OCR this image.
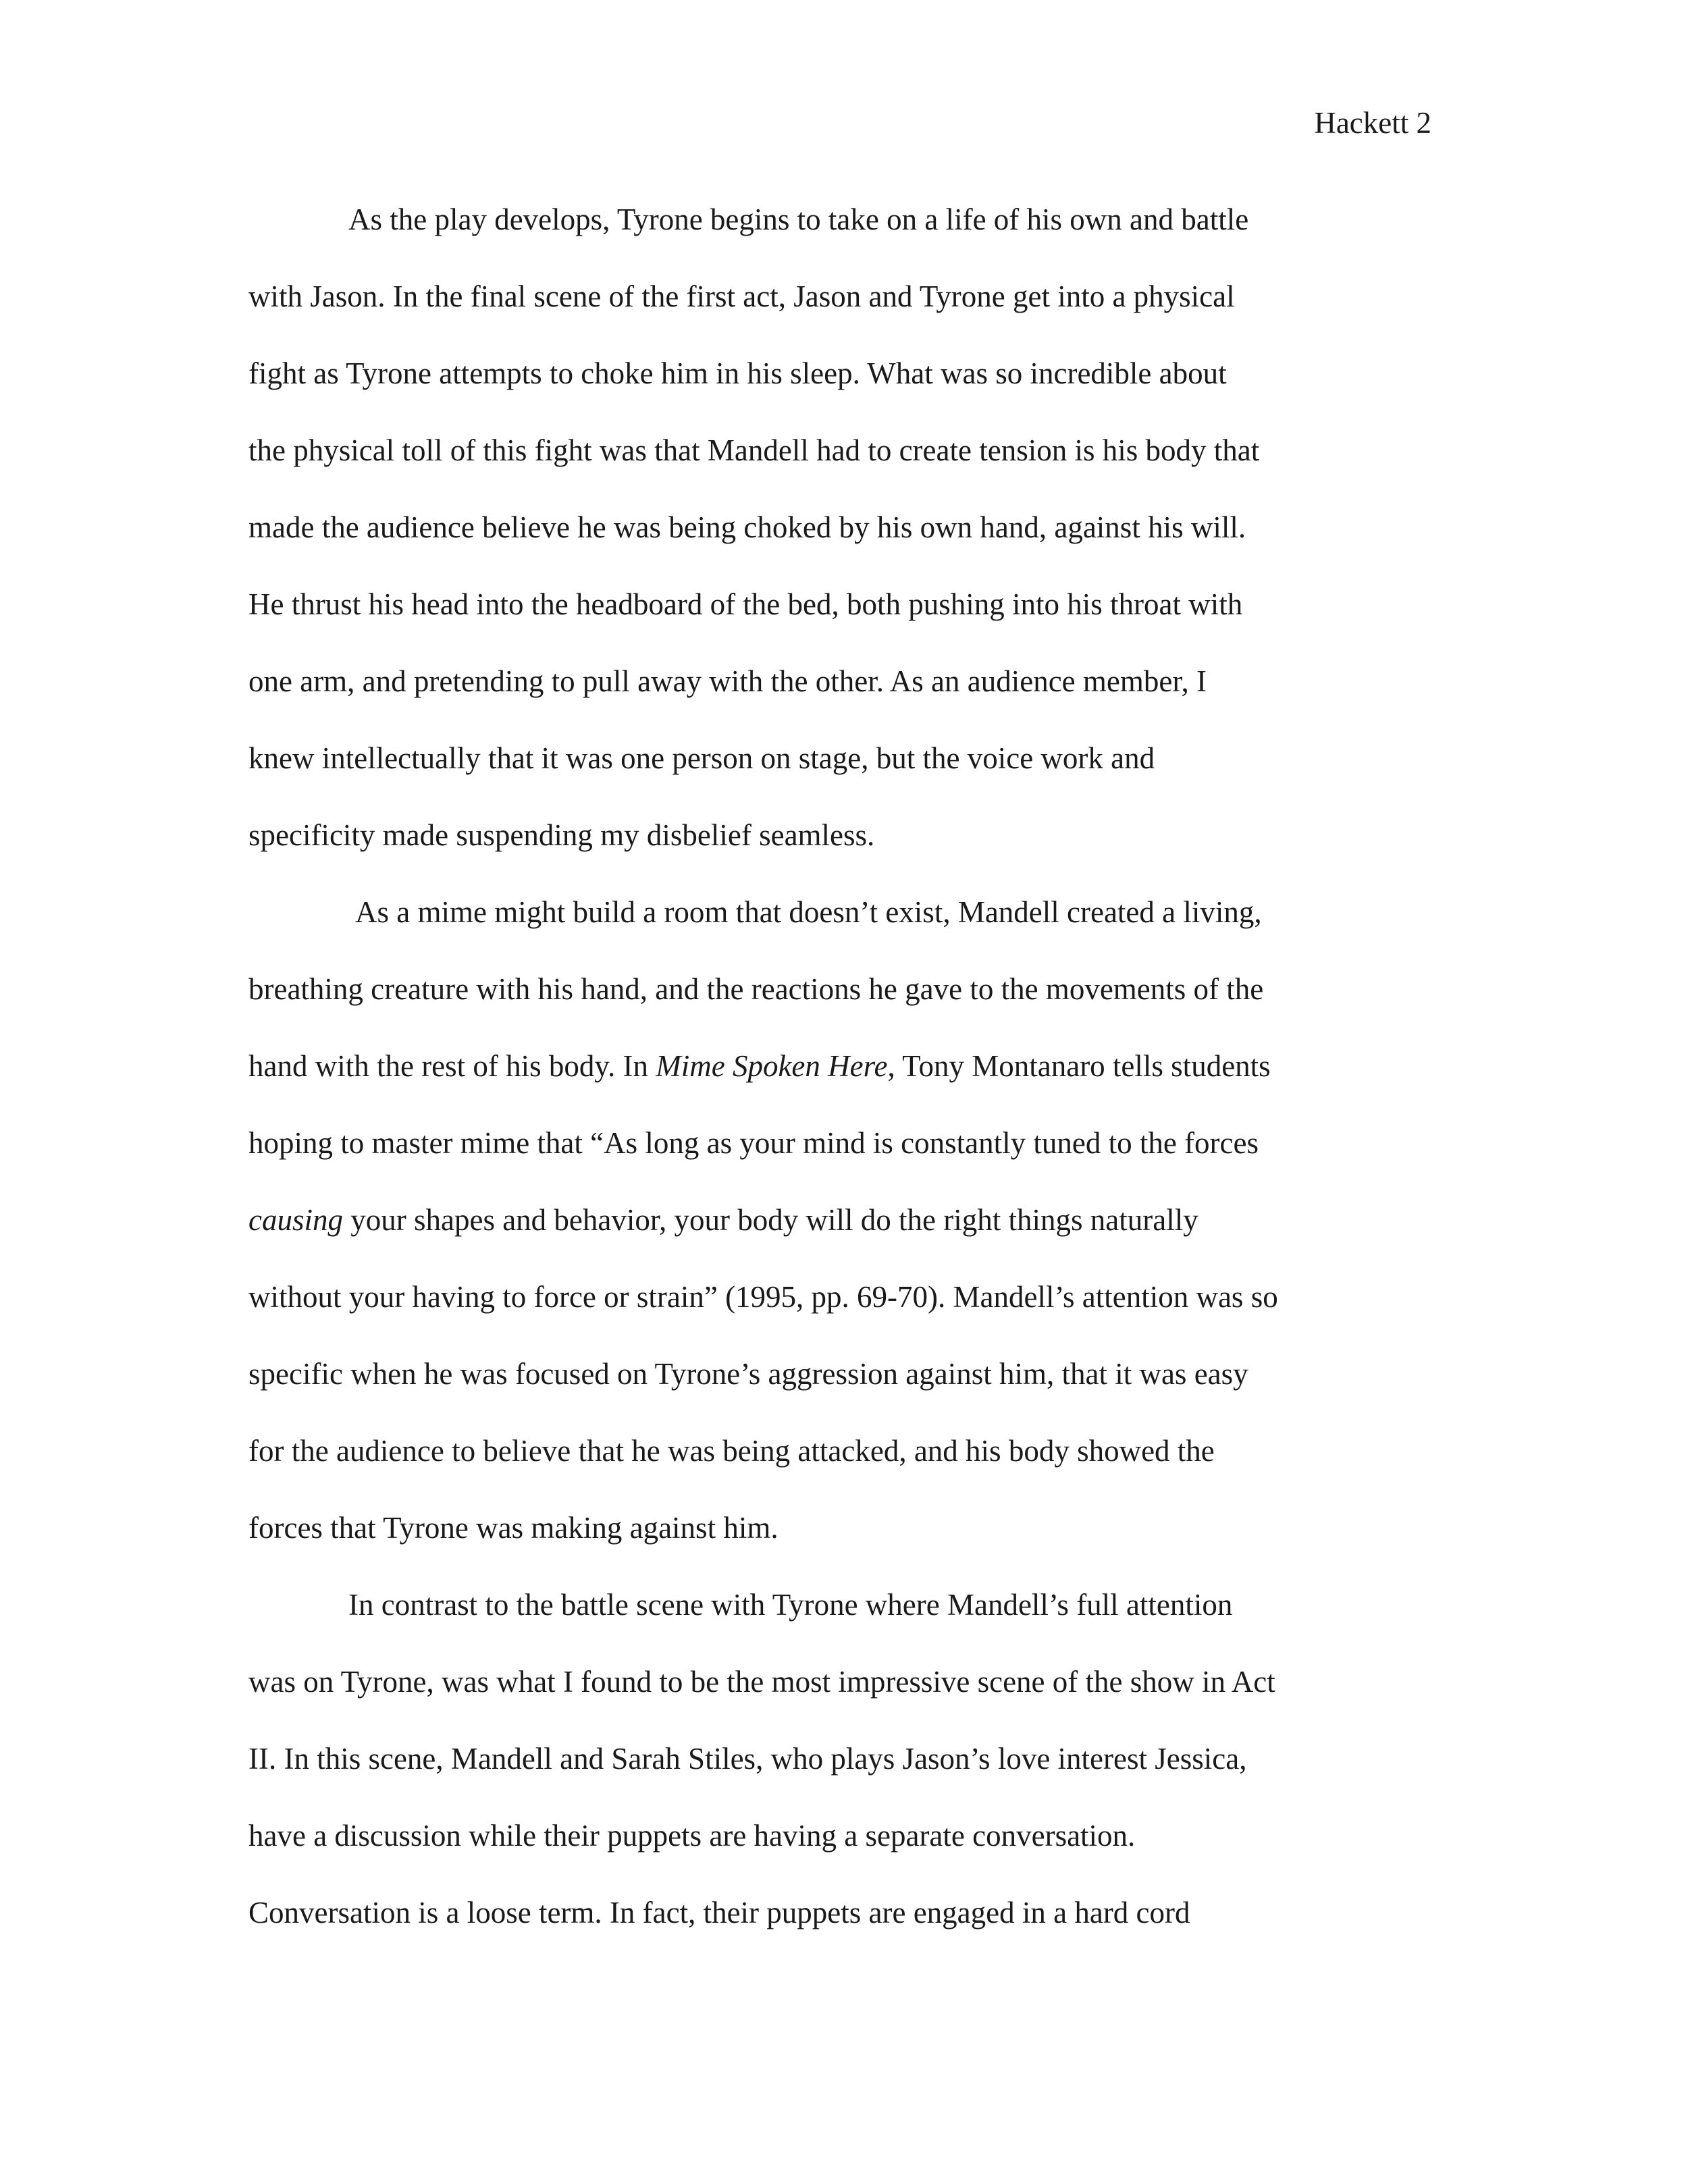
Hackett 2
As the play develops, Tyrone begins to take on a life of his own and battle
with Jason. In the final scene of the first act, Jason and Tyrone get into a physical
fight as Tyrone attempts to choke him in his sleep. What was so incredible about
the physical toll of this fight was that Mandell had to create tension is his body that
made the audience believe he was being choked by his own hand, against his will.
He thrust his head into the headboard of the bed, both pushing into his throat with
one arm, and pretending to pull away with the other. As an audience member, I
knew intellectually that it was one person on stage, but the voice work and
specificity made suspending my disbelief seamless.
As a mime might build a room that doesn’t exist, Mandell created a living,
breathing creature with his hand, and the reactions he gave to the movements of the
hand with the rest of his body. In Mime Spoken Here, Tony Montanaro tells students
hoping to master mime that “As long as your mind is constantly tuned to the forces
causing your shapes and behavior, your body will do the right things naturally
without your having to force or strain” (1995, pp. 69-70). Mandell’s attention was so
specific when he was focused on Tyrone’s aggression against him, that it was easy
for the audience to believe that he was being attacked, and his body showed the
forces that Tyrone was making against him.
In contrast to the battle scene with Tyrone where Mandell’s full attention
was on Tyrone, was what I found to be the most impressive scene of the show in Act
II. In this scene, Mandell and Sarah Stiles, who plays Jason’s love interest Jessica,
have a discussion while their puppets are having a separate conversation.
Conversation is a loose term. In fact, their puppets are engaged in a hard cord
